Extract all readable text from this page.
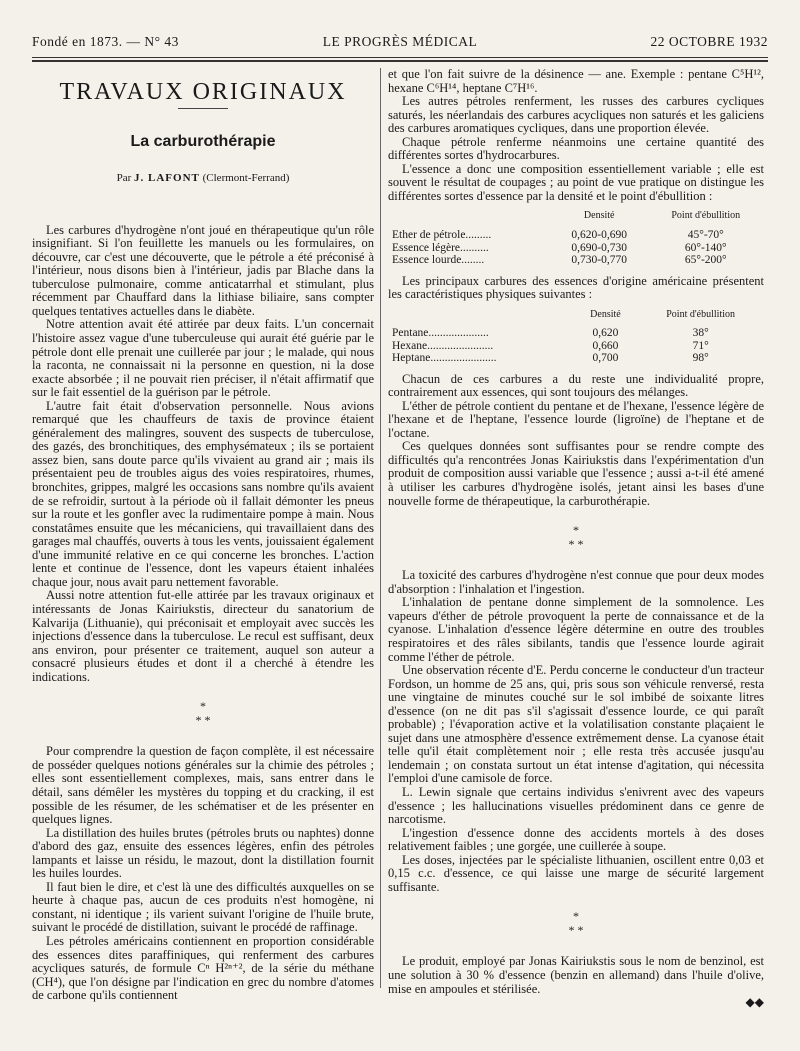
Fondé en 1873. — N° 43	LE PROGRÈS MÉDICAL	22 OCTOBRE 1932
TRAVAUX ORIGINAUX
La carburothérapie
Par J. LAFONT (Clermont-Ferrand)

Les carbures d'hydrogène n'ont joué en thérapeutique qu'un rôle insignifiant. Si l'on feuillette les manuels ou les formulaires, on découvre, car c'est une découverte, que le pétrole a été préconisé à l'intérieur, nous disons bien à l'intérieur, jadis par Blache dans la tuberculose pulmonaire, comme anticatarrhal et stimulant, plus récemment par Chauffard dans la lithiase biliaire, sans compter quelques tentatives actuelles dans le diabète.

Notre attention avait été attirée par deux faits. L'un concernait l'histoire assez vague d'une tuberculeuse qui aurait été guérie par le pétrole dont elle prenait une cuillerée par jour ; le malade, qui nous la raconta, ne connaissait ni la personne en question, ni la dose exacte absorbée ; il ne pouvait rien préciser, il n'était affirmatif que sur le fait essentiel de la guérison par le pétrole.

L'autre fait était d'observation personnelle. Nous avions remarqué que les chauffeurs de taxis de province étaient généralement des malingres, souvent des suspects de tuberculose, des gazés, des bronchitiques, des emphysémateux ; ils se portaient assez bien, sans doute parce qu'ils vivaient au grand air ; mais ils présentaient peu de troubles aigus des voies respiratoires, rhumes, bronchites, grippes, malgré les occasions sans nombre qu'ils avaient de se refroidir, surtout à la période où il fallait démonter les pneus sur la route et les gonfler avec la rudimentaire pompe à main. Nous constatâmes ensuite que les mécaniciens, qui travaillaient dans des garages mal chauffés, ouverts à tous les vents, jouissaient également d'une immunité relative en ce qui concerne les bronches. L'action lente et continue de l'essence, dont les vapeurs étaient inhalées chaque jour, nous avait paru nettement favorable.

Aussi notre attention fut-elle attirée par les travaux originaux et intéressants de Jonas Kairiukstis, directeur du sanatorium de Kalvarija (Lithuanie), qui préconisait et employait avec succès les injections d'essence dans la tuberculose. Le recul est suffisant, deux ans environ, pour présenter ce traitement, auquel son auteur a consacré plusieurs études et dont il a cherché à étendre les indications.

*
* *

Pour comprendre la question de façon complète, il est nécessaire de posséder quelques notions générales sur la chimie des pétroles ; elles sont essentiellement complexes, mais, sans entrer dans le détail, sans démêler les mystères du topping et du cracking, il est possible de les résumer, de les schématiser et de les présenter en quelques lignes.

La distillation des huiles brutes (pétroles bruts ou naphtes) donne d'abord des gaz, ensuite des essences légères, enfin des pétroles lampants et laisse un résidu, le mazout, dont la distillation fournit les huiles lourdes.

Il faut bien le dire, et c'est là une des difficultés auxquelles on se heurte à chaque pas, aucun de ces produits n'est homogène, ni constant, ni identique ; ils varient suivant l'origine de l'huile brute, suivant le procédé de distillation, suivant le procédé de raffinage.

Les pétroles américains contiennent en proportion considérable des essences dites paraffiniques, qui renferment des carbures acycliques saturés, de formule Cⁿ H²ⁿ⁺², de la série du méthane (CH⁴), que l'on désigne par l'indication en grec du nombre d'atomes de carbone qu'ils contiennent

et que l'on fait suivre de la désinence — ane. Exemple : pentane C⁵H¹², hexane C⁶H¹⁴, heptane C⁷H¹⁶.

Les autres pétroles renferment, les russes des carbures cycliques saturés, les néerlandais des carbures acycliques non saturés et les galiciens des carbures aromatiques cycliques, dans une proportion élevée.

Chaque pétrole renferme néanmoins une certaine quantité des différentes sortes d'hydrocarbures.

L'essence a donc une composition essentiellement variable ; elle est souvent le résultat de coupages ; au point de vue pratique on distingue les différentes sortes d'essence par la densité et le point d'ébullition :

	Densité	Point d'ébullition
Ether de pétrole.........	0,620-0,690	45°-70°
Essence légère..........	0,690-0,730	60°-140°
Essence lourde........	0,730-0,770	65°-200°

Les principaux carbures des essences d'origine américaine présentent les caractéristiques physiques suivantes :

	Densité	Point d'ébullition
Pentane.....................	0,620	38°
Hexane.......................	0,660	71°
Heptane.......................	0,700	98°

Chacun de ces carbures a du reste une individualité propre, contrairement aux essences, qui sont toujours des mélanges.

L'éther de pétrole contient du pentane et de l'hexane, l'essence légère de l'hexane et de l'heptane, l'essence lourde (ligroïne) de l'heptane et de l'octane.

Ces quelques données sont suffisantes pour se rendre compte des difficultés qu'a rencontrées Jonas Kairiukstis dans l'expérimentation d'un produit de composition aussi variable que l'essence ; aussi a-t-il été amené à utiliser les carbures d'hydrogène isolés, jetant ainsi les bases d'une nouvelle forme de thérapeutique, la carburothérapie.

*
* *

La toxicité des carbures d'hydrogène n'est connue que pour deux modes d'absorption : l'inhalation et l'ingestion.

L'inhalation de pentane donne simplement de la somnolence. Les vapeurs d'éther de pétrole provoquent la perte de connaissance et de la cyanose. L'inhalation d'essence légère détermine en outre des troubles respiratoires et des râles sibilants, tandis que l'essence lourde agirait comme l'éther de pétrole.

Une observation récente d'E. Perdu concerne le conducteur d'un tracteur Fordson, un homme de 25 ans, qui, pris sous son véhicule renversé, resta une vingtaine de minutes couché sur le sol imbibé de soixante litres d'essence (on ne dit pas s'il s'agissait d'essence lourde, ce qui paraît probable) ; l'évaporation active et la volatilisation constante plaçaient le sujet dans une atmosphère d'essence extrêmement dense. La cyanose était telle qu'il était complètement noir ; elle resta très accusée jusqu'au lendemain ; on constata surtout un état intense d'agitation, qui nécessita l'emploi d'une camisole de force.

L. Lewin signale que certains individus s'enivrent avec des vapeurs d'essence ; les hallucinations visuelles prédominent dans ce genre de narcotisme.

L'ingestion d'essence donne des accidents mortels à des doses relativement faibles ; une gorgée, une cuillerée à soupe.

Les doses, injectées par le spécialiste lithuanien, oscillent entre 0,03 et 0,15 c.c. d'essence, ce qui laisse une marge de sécurité largement suffisante.

*
* *

Le produit, employé par Jonas Kairiukstis sous le nom de benzinol, est une solution à 30 % d'essence (benzin en allemand) dans l'huile d'olive, mise en ampoules et stérilisée.

◆◆
